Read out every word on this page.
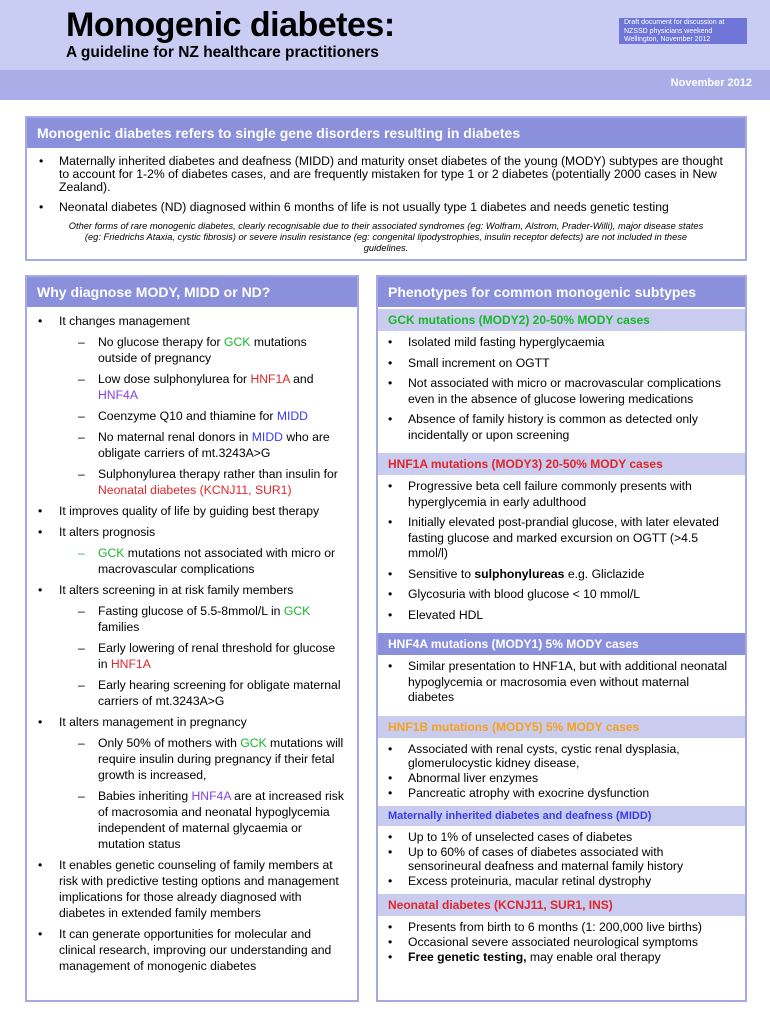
Monogenic diabetes:
A guideline for NZ healthcare practitioners
Draft document for discussion at
NZSSD physicians weekend
Wellington, November 2012
November 2012
Monogenic diabetes refers to single gene disorders resulting in diabetes
• Maternally inherited diabetes and deafness (MIDD) and maturity onset diabetes of the young (MODY) subtypes are thought to account for 1-2% of diabetes cases, and are frequently mistaken for type 1 or 2 diabetes (potentially 2000 cases in New Zealand).
• Neonatal diabetes (ND) diagnosed within 6 months of life is not usually type 1 diabetes and needs genetic testing
Other forms of rare monogenic diabetes, clearly recognisable due to their associated syndromes (eg: Wolfram, Alstrom, Prader-Willi), major disease states (eg: Friedrichs Ataxia, cystic fibrosis) or severe insulin resistance (eg: congenital lipodystrophies, insulin receptor defects) are not included in these guidelines.
Why diagnose MODY, MIDD or ND?
• It changes management
– No glucose therapy for GCK mutations outside of pregnancy
– Low dose sulphonylurea for HNF1A and HNF4A
– Coenzyme Q10 and thiamine for MIDD
– No maternal renal donors in MIDD who are obligate carriers of mt.3243A>G
– Sulphonylurea therapy rather than insulin for Neonatal diabetes (KCNJ11, SUR1)
• It improves quality of life by guiding best therapy
• It alters prognosis
– GCK mutations not associated with micro or macrovascular complications
• It alters screening in at risk family members
– Fasting glucose of 5.5-8mmol/L in GCK families
– Early lowering of renal threshold for glucose in HNF1A
– Early hearing screening for obligate maternal carriers of mt.3243A>G
• It alters management in pregnancy
– Only 50% of mothers with GCK mutations will require insulin during pregnancy if their fetal growth is increased,
– Babies inheriting HNF4A are at increased risk of macrosomia and neonatal hypoglycemia independent of maternal glycaemia or mutation status
• It enables genetic counseling of family members at risk with predictive testing options and management implications for those already diagnosed with diabetes in extended family members
• It can generate opportunities for molecular and clinical research, improving our understanding and management of monogenic diabetes
Phenotypes for common monogenic subtypes
GCK mutations (MODY2) 20-50% MODY cases
• Isolated mild fasting hyperglycaemia
• Small increment on OGTT
• Not associated with micro or macrovascular complications even in the absence of glucose lowering medications
• Absence of family history is common as detected only incidentally or upon screening
HNF1A mutations (MODY3) 20-50% MODY cases
• Progressive beta cell failure commonly presents with hyperglycemia in early adulthood
• Initially elevated post-prandial glucose, with later elevated fasting glucose and marked excursion on OGTT (>4.5 mmol/l)
• Sensitive to sulphonylureas e.g. Gliclazide
• Glycosuria with blood glucose < 10 mmol/L
• Elevated HDL
HNF4A mutations (MODY1) 5% MODY cases
• Similar presentation to HNF1A, but with additional neonatal hypoglycemia or macrosomia even without maternal diabetes
HNF1B mutations (MODY5) 5% MODY cases
• Associated with renal cysts, cystic renal dysplasia, glomerulocystic kidney disease,
• Abnormal liver enzymes
• Pancreatic atrophy with exocrine dysfunction
Maternally inherited diabetes and deafness (MIDD)
• Up to 1% of unselected cases of diabetes
• Up to 60% of cases of diabetes associated with sensorineural deafness and maternal family history
• Excess proteinuria, macular retinal dystrophy
Neonatal diabetes (KCNJ11, SUR1, INS)
• Presents from birth to 6 months (1: 200,000 live births)
• Occasional severe associated neurological symptoms
• Free genetic testing, may enable oral therapy
